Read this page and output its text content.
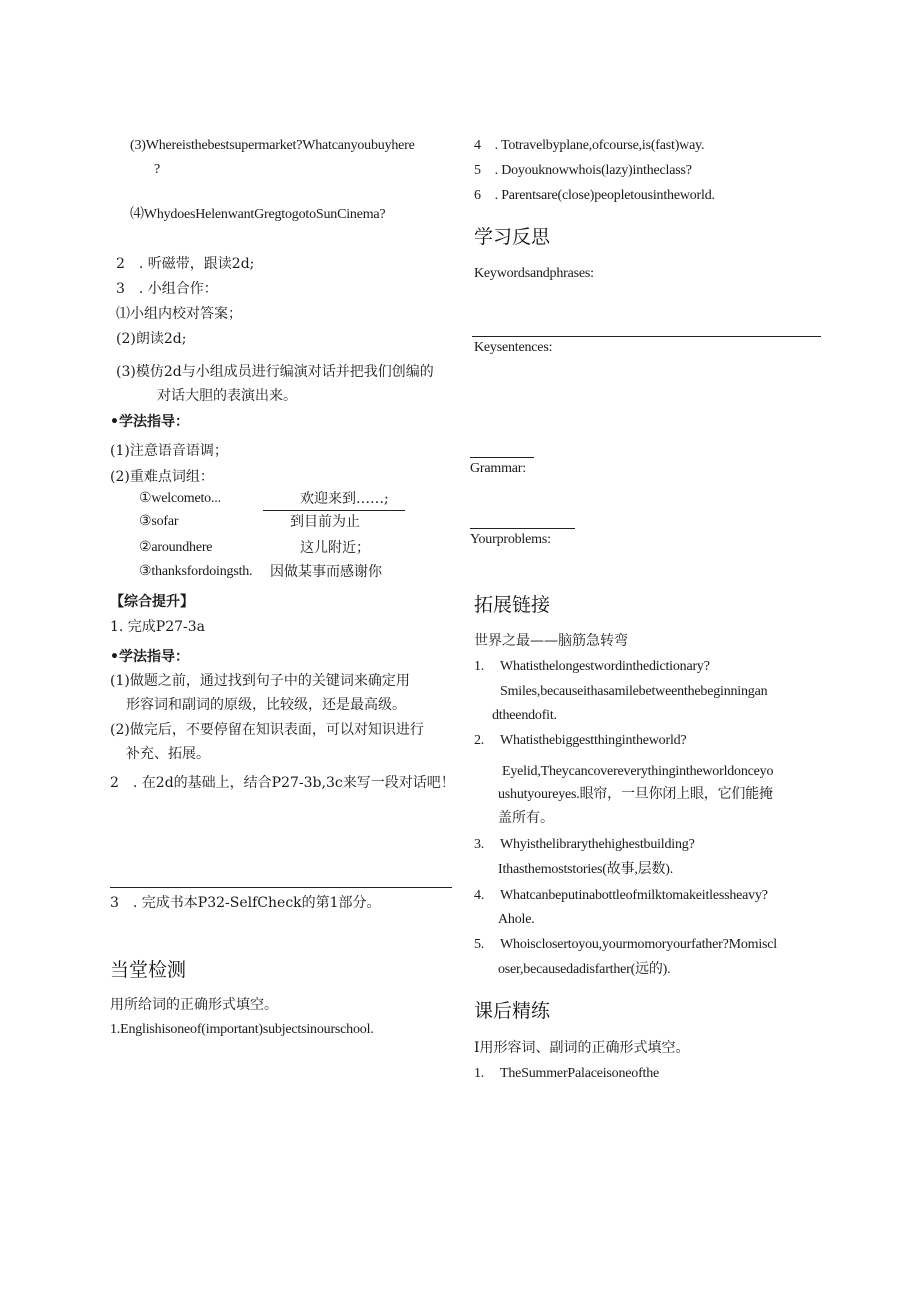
(3)Whereisthebestsupermarket?Whatcanyoubuyhere
?
⑷WhydoesHelenwantGregtogotoSunCinema?
2　. 听磁带，跟读2d;
3　. 小组合作：
⑴小组内校对答案；
(2)朗读2d;
(3)模仿2d与小组成员进行编演对话并把我们创编的
对话大胆的表演出来。
•学法指导：
(1)注意语音语调；
(2)重难点词组：
①welcometo...	欢迎来到……;
③sofar	到目前为止
②aroundhere	这儿附近；
③thanksfordoingsth. 因做某事而感谢你
【综合提升】
1. 完成P27-3a
•学法指导：
(1)做题之前，通过找到句子中的关键词来确定用
形容词和副词的原级，比较级，还是最高级。
(2)做完后，不要停留在知识表面，可以对知识进行
补充、拓展。
2　. 在2d的基础上，结合P27-3b,3c来写一段对话吧！
3　. 完成书本P32-SelfCheck的第1部分。
当堂检测
用所给词的正确形式填空。
1.Englishisoneof(important)subjectsinourschool.
4　. Totravelbyplane,ofcourse,is(fast)way.
5　. Doyouknowwhois(lazy)intheclass?
6　. Parentsare(close)peopletousintheworld.
学习反思
Keywordsandphrases:
Keysentences:
Grammar:
Yourproblems:
拓展链接
世界之最——脑筋急转弯
1. Whatisthelongestwordinthedictionary?
Smiles,becauseithasamilebetweenthebeginningan
dtheendofit.
2. Whatisthebiggestthingintheworld?
Eyelid,Theycancovereverythingintheworldonceyo
ushutyoureyes.眼帘，一旦你闭上眼，它们能掩
盖所有。
3. Whyisthelibrarythehighestbuilding?
Ithasthemoststories(故事,层数).
4. Whatcanbeputinabottleofmilktomakeitlessheavy?
Ahole.
5. Whoisclosertoyou,yourmomoryourfather?Momiscl
oser,becausedadisfarther(远的).
课后精练
I用形容词、副词的正确形式填空。
1. TheSummerPalaceisoneofthe
